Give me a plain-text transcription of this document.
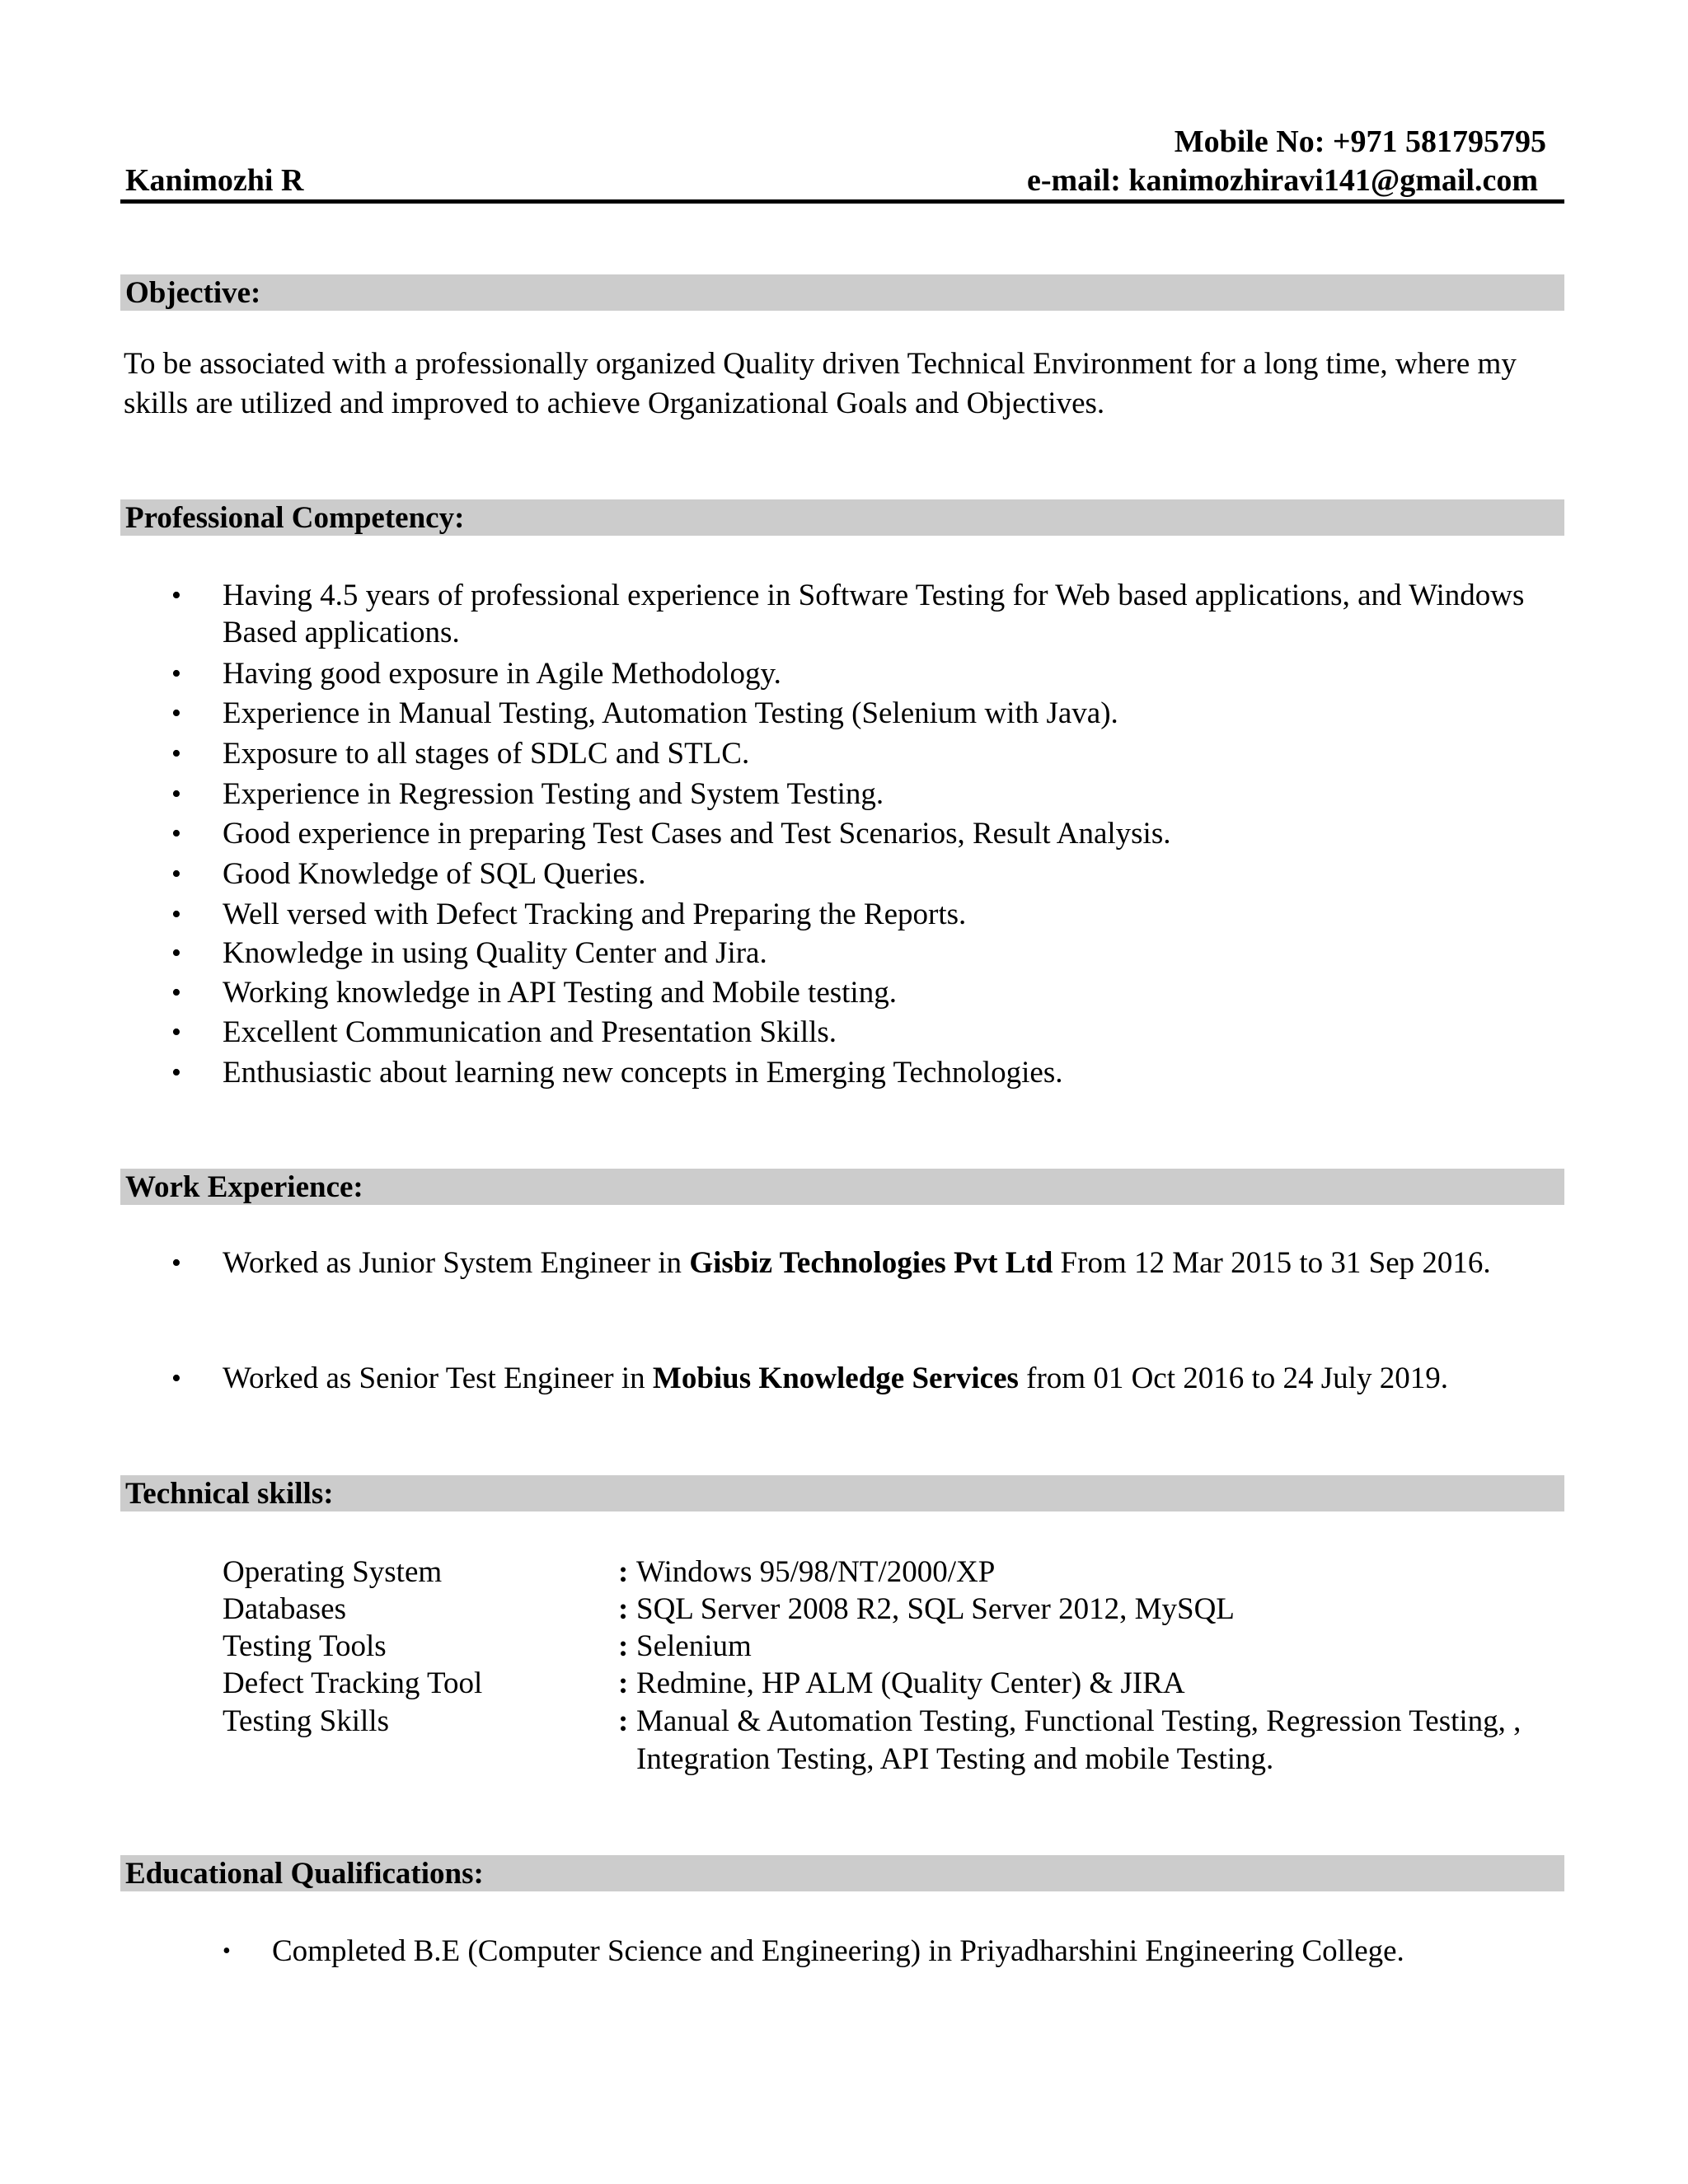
Mobile No: +971 581795795
Kanimozhi R	e-mail: kanimozhiravi141@gmail.com
Objective:
To be associated with a professionally organized Quality driven Technical Environment for a long time, where my skills are utilized and improved to achieve Organizational Goals and Objectives.
Professional Competency:
• Having 4.5 years of professional experience in Software Testing for Web based applications, and Windows Based applications.
• Having good exposure in Agile Methodology.
• Experience in Manual Testing, Automation Testing (Selenium with Java).
• Exposure to all stages of SDLC and STLC.
• Experience in Regression Testing and System Testing.
• Good experience in preparing Test Cases and Test Scenarios, Result Analysis.
• Good Knowledge of SQL Queries.
• Well versed with Defect Tracking and Preparing the Reports.
• Knowledge in using Quality Center and Jira.
• Working knowledge in API Testing and Mobile testing.
• Excellent Communication and Presentation Skills.
• Enthusiastic about learning new concepts in Emerging Technologies.
Work Experience:
• Worked as Junior System Engineer in Gisbiz Technologies Pvt Ltd From 12 Mar 2015 to 31 Sep 2016.
• Worked as Senior Test Engineer in Mobius Knowledge Services from 01 Oct 2016 to 24 July 2019.
Technical skills:
Operating System	: Windows 95/98/NT/2000/XP
Databases	: SQL Server 2008 R2, SQL Server 2012, MySQL
Testing Tools	: Selenium
Defect Tracking Tool	: Redmine, HP ALM (Quality Center) & JIRA
Testing Skills	: Manual & Automation Testing, Functional Testing, Regression Testing, , Integration Testing, API Testing and mobile Testing.
Educational Qualifications:
• Completed B.E (Computer Science and Engineering) in Priyadharshini Engineering College.
